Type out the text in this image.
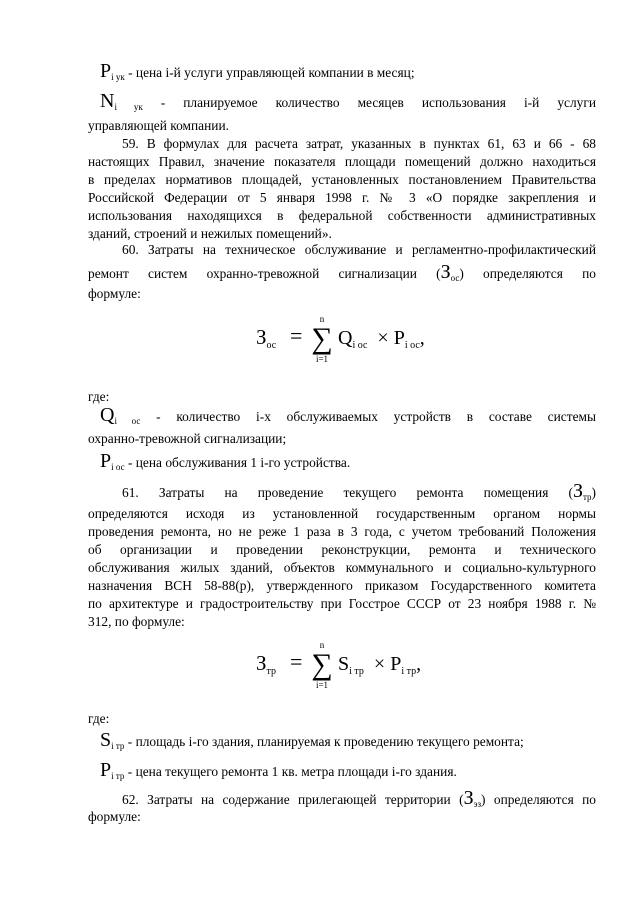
$P_{i ук}$ - цена i-й услуги управляющей компании в месяц;
$N_{i ук}$ - планируемое количество месяцев использования i-й услуги
управляющей компании.
59. В формулах для расчета затрат, указанных в пунктах 61, 63 и 66 - 68
настоящих Правил, значение показателя площади помещений должно находиться
в пределах нормативов площадей, установленных постановлением Правительства
Российской Федерации от 5 января 1998 г. № 3 «О порядке закрепления и
использования находящихся в федеральной собственности административных
зданий, строений и нежилых помещений».
60. Затраты на техническое обслуживание и регламентно-профилактический
ремонт систем охранно-тревожной сигнализации $(З_{ос})$ определяются по
формуле:
$З_{ос}$ =
n
∑
i=1
$Q_{i ос} \times P_{i ос}$,
где:
$Q_{i ос}$ - количество i-х обслуживаемых устройств в составе системы
охранно-тревожной сигнализации;
$P_{i ос}$ - цена обслуживания 1 i-го устройства.
61. Затраты на проведение текущего ремонта помещения $(З_{тр})$
определяются исходя из установленной государственным органом нормы
проведения ремонта, но не реже 1 раза в 3 года, с учетом требований Положения
об организации и проведении реконструкции, ремонта и технического
обслуживания жилых зданий, объектов коммунального и социально-культурного
назначения ВСН 58-88(р), утвержденного приказом Государственного комитета
по архитектуре и градостроительству при Госстрое СССР от 23 ноября 1988 г. №
312, по формуле:
$З_{тр}$ =
n
∑
i=1
$S_{i тр} \times P_{i тр}$,
где:
$S_{i тр}$ - площадь i-го здания, планируемая к проведению текущего ремонта;
$P_{i тр}$ - цена текущего ремонта 1 кв. метра площади i-го здания.
62. Затраты на содержание прилегающей территории $(З_{эз})$ определяются по
формуле:
